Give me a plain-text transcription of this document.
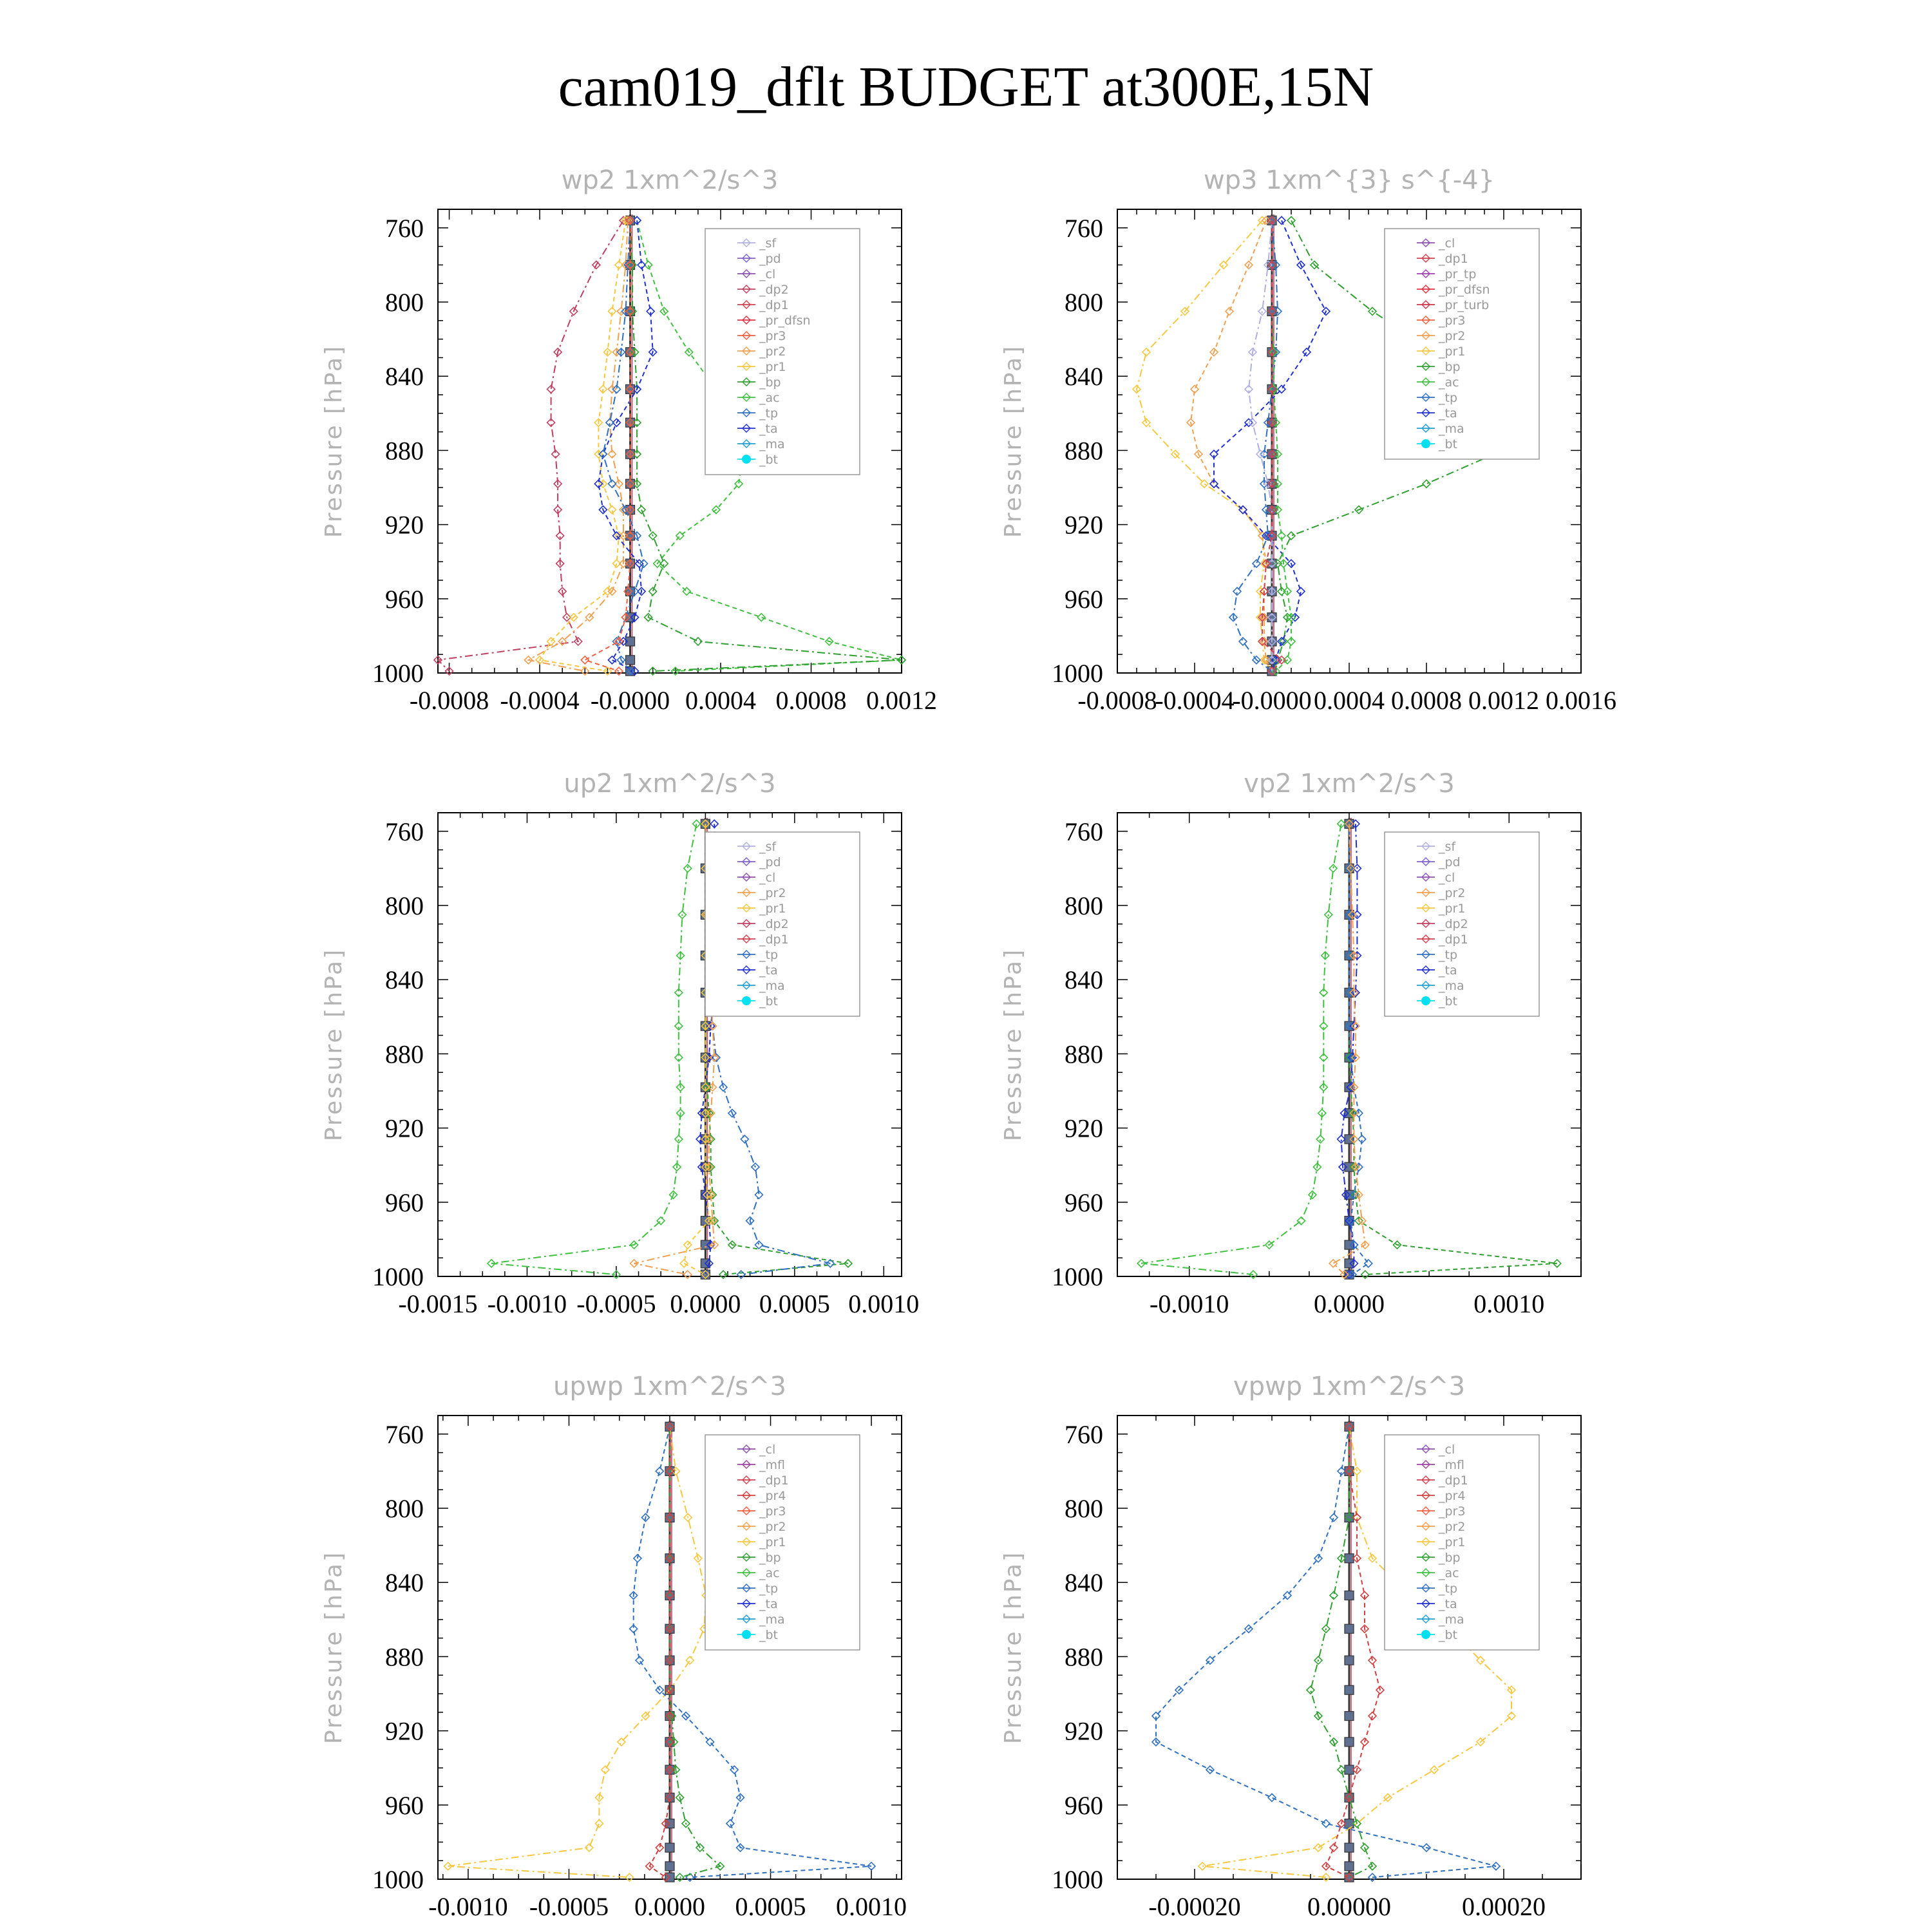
cam019_dflt BUDGET at300E,15N
wp2 1xm^2/s^3
Pressure [hPa]
760
800
840
880
920
960
1000
-0.0008 -0.0004 -0.0000 0.0004 0.0008 0.0012
_sf
_pd
_cl
_dp2
_dp1
_pr_dfsn
_pr3
_pr2
_pr1
_bp
_ac
_tp
_ta
_ma
_bt
wp3 1xm^{3} s^{-4}
Pressure [hPa]
760
800
840
880
920
960
1000
-0.0008
-0.0004
-0.0000 0.0004 0.0008 0.0012 0.0016
_cl
_dp1
_pr_tp
_pr_dfsn
_pr_turb
_pr3
_pr2
_pr1
_bp
_ac
_tp
_ta
_ma
_bt
up2 1xm^2/s^3
Pressure [hPa]
760
800
840
880
920
960
1000
-0.0015 -0.0010 -0.0005 0.0000 0.0005 0.0010
_sf
_pd
_cl
_pr2
_pr1
_dp2
_dp1
_tp
_ta
_ma
_bt
vp2 1xm^2/s^3
Pressure [hPa]
760
800
840
880
920
960
1000
-0.0010	0.0000	0.0010
_sf
_pd
_cl
_pr2
_pr1
_dp2
_dp1
_tp
_ta
_ma
_bt
upwp 1xm^2/s^3
Pressure [hPa]
760
800
840
880
920
960
1000
-0.0010 -0.0005 0.0000 0.0005 0.0010
_cl
_mfl
_dp1
_pr4
_pr3
_pr2
_pr1
_bp
_ac
_tp
_ta
_ma
_bt
vpwp 1xm^2/s^3
Pressure [hPa]
760
800
840
880
920
960
1000
-0.00020	0.00000	0.00020
_cl
_mfl
_dp1
_pr4
_pr3
_pr2
_pr1
_bp
_ac
_tp
_ta
_ma
_bt
